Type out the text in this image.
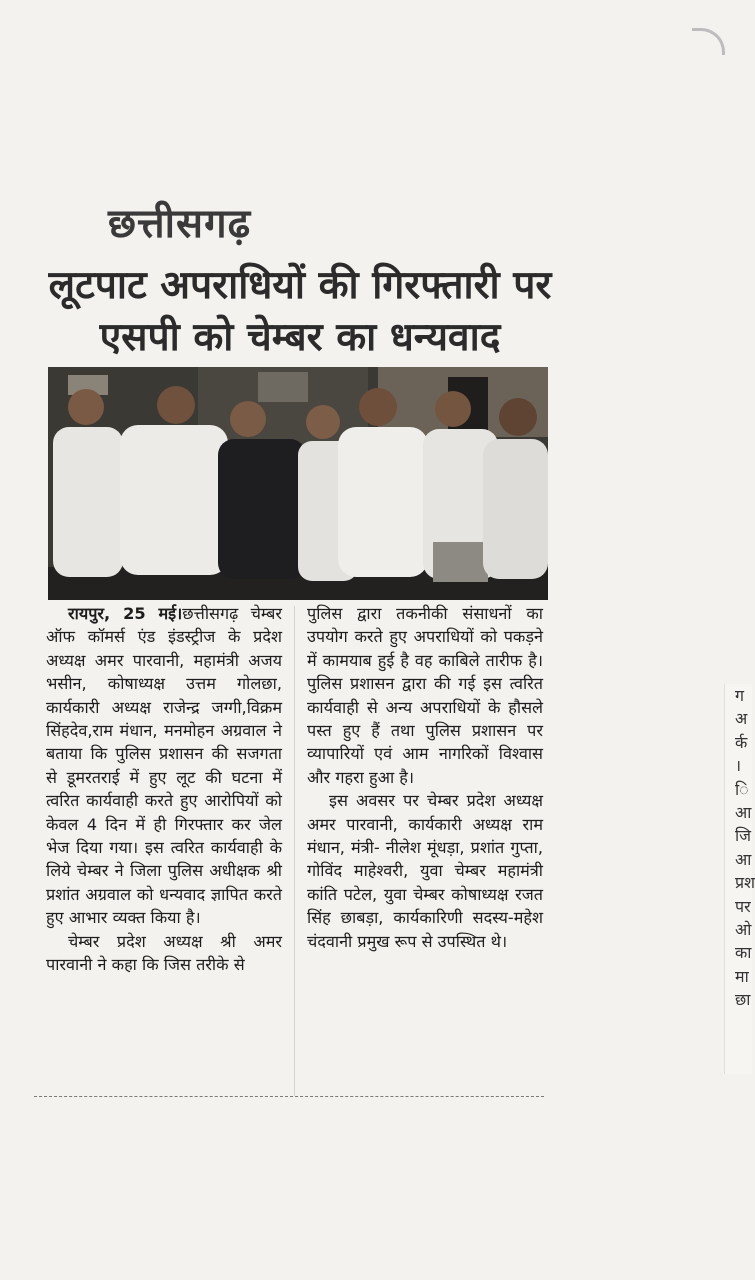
छत्तीसगढ़
लूटपाट अपराधियों की गिरफ्तारी पर
एसपी को चेम्बर का धन्यवाद

रायपुर, 25 मई।छत्तीसगढ़ चेम्बर ऑफ कॉमर्स एंड इंडस्ट्रीज के प्रदेश अध्यक्ष अमर पारवानी, महामंत्री अजय भसीन, कोषाध्यक्ष उत्तम गोलछा, कार्यकारी अध्यक्ष राजेन्द्र जग्गी,विक्रम सिंहदेव,राम मंधान, मनमोहन अग्रवाल ने बताया कि पुलिस प्रशासन की सजगता से डूमरतराई में हुए लूट की घटना में त्वरित कार्यवाही करते हुए आरोपियों को केवल 4 दिन में ही गिरफ्तार कर जेल भेज दिया गया। इस त्वरित कार्यवाही के लिये चेम्बर ने जिला पुलिस अधीक्षक श्री प्रशांत अग्रवाल को धन्यवाद ज्ञापित करते हुए आभार व्यक्त किया है।

चेम्बर प्रदेश अध्यक्ष श्री अमर पारवानी ने कहा कि जिस तरीके से

पुलिस द्वारा तकनीकी संसाधनों का उपयोग करते हुए अपराधियों को पकड़ने में कामयाब हुई है वह काबिले तारीफ है। पुलिस प्रशासन द्वारा की गई इस त्वरित कार्यवाही से अन्य अपराधियों के हौसले पस्त हुए हैं तथा पुलिस प्रशासन पर व्यापारियों एवं आम नागरिकों विश्वास और गहरा हुआ है।

इस अवसर पर चेम्बर प्रदेश अध्यक्ष अमर पारवानी, कार्यकारी अध्यक्ष राम मंधान, मंत्री- नीलेश मूंधड़ा, प्रशांत गुप्ता, गोविंद माहेश्वरी, युवा चेम्बर महामंत्री कांति पटेल, युवा चेम्बर कोषाध्यक्ष रजत सिंह छाबड़ा, कार्यकारिणी सदस्य-महेश चंदवानी प्रमुख रूप से उपस्थित थे।

ग
अ
र्क
।
ि
आ
जि
आ
प्रश
पर
ओ
का
मा
छा
